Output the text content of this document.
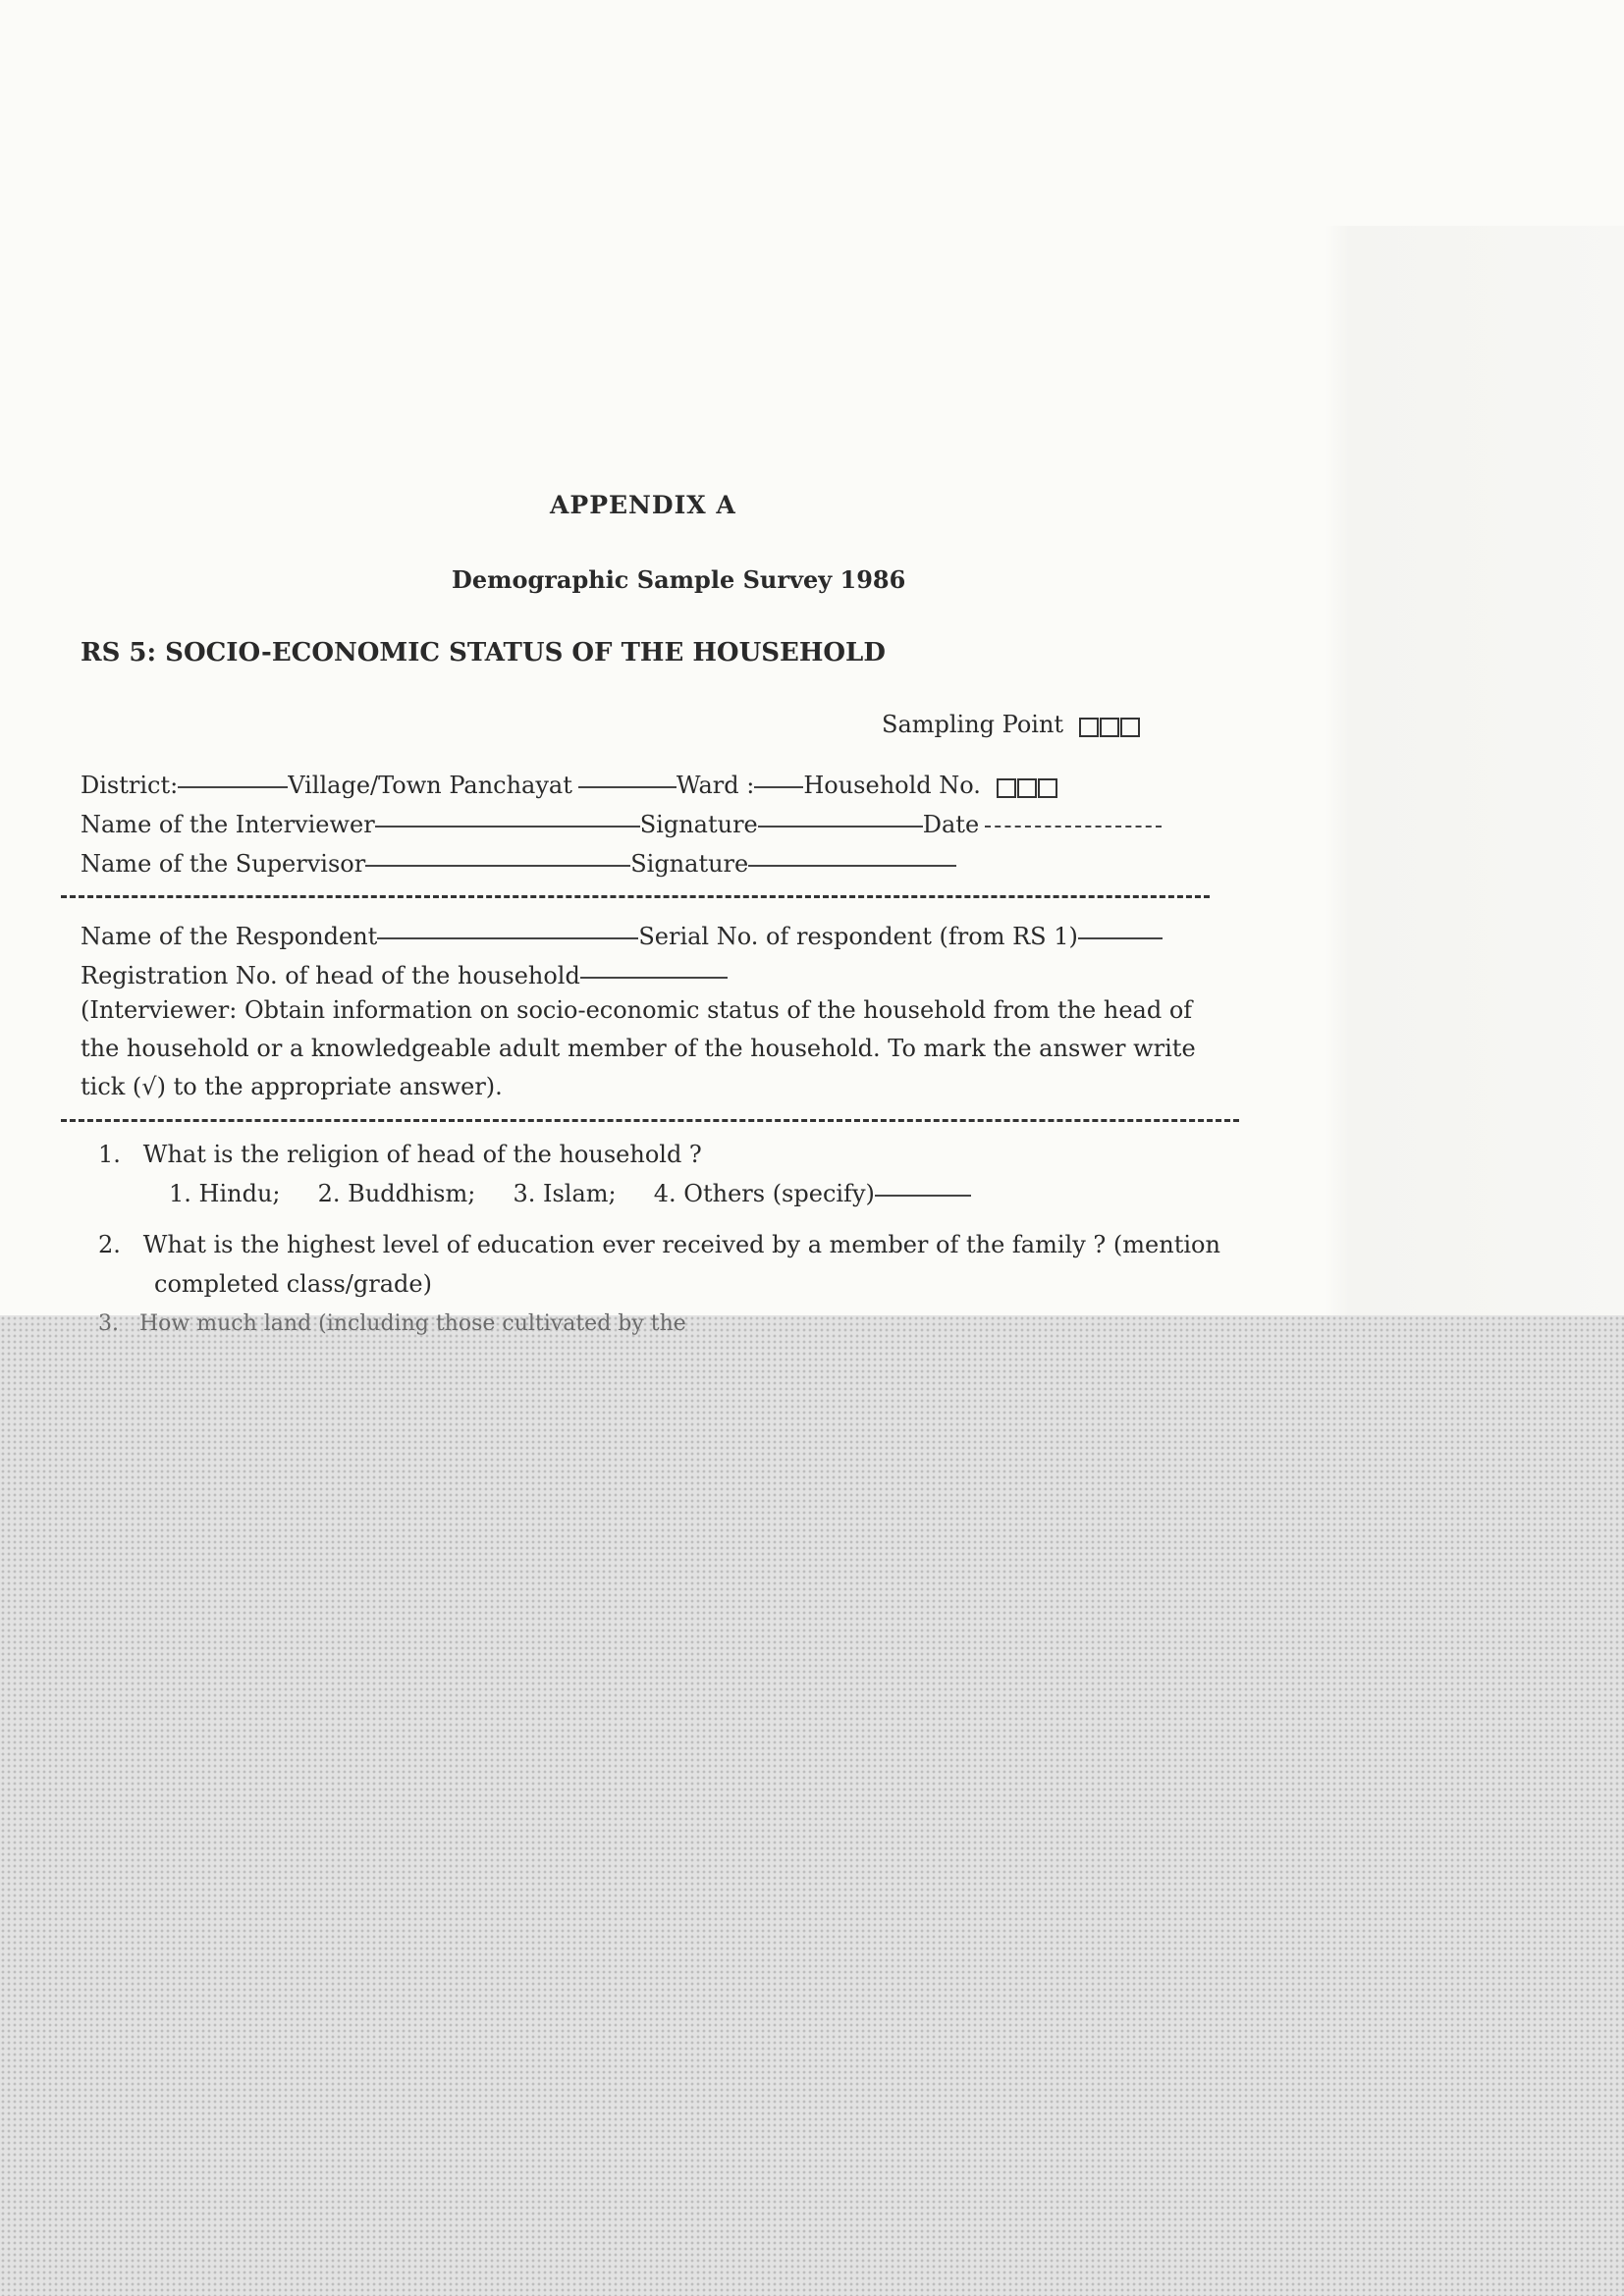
APPENDIX A
Demographic Sample Survey 1986
RS 5: SOCIO-ECONOMIC STATUS OF THE HOUSEHOLD
Sampling Point
District:	Village/Town Panchayat	Ward : Household No.
Name of the Interviewer	Signature	Date
Name of the Supervisor	Signature
Name of the Respondent	Serial No. of respondent (from RS 1)
Registration No. of head of the household
(Interviewer: Obtain information on socio-economic status of the household from the head of the household or a knowledgeable adult member of the household. To mark the answer write tick (√) to the appropriate answer).
1. What is the religion of head of the household ?
1. Hindu; 2. Buddhism; 3. Islam; 4. Others (specify)
2. What is the highest level of education ever received by a member of the family ? (mention
completed class/grade)
3. How much land (including those cultivated by the
